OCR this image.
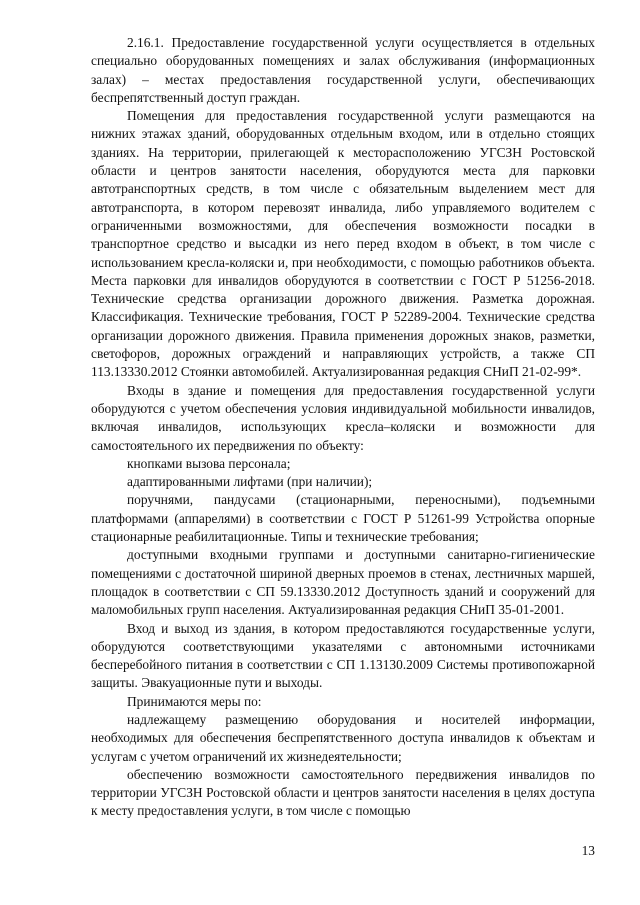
2.16.1. Предоставление государственной услуги осуществляется в отдельных специально оборудованных помещениях и залах обслуживания (информационных залах) – местах предоставления государственной услуги, обеспечивающих беспрепятственный доступ граждан.

Помещения для предоставления государственной услуги размещаются на нижних этажах зданий, оборудованных отдельным входом, или в отдельно стоящих зданиях. На территории, прилегающей к месторасположению УГСЗН Ростовской области и центров занятости населения, оборудуются места для парковки автотранспортных средств, в том числе с обязательным выделением мест для автотранспорта, в котором перевозят инвалида, либо управляемого водителем с ограниченными возможностями, для обеспечения возможности посадки в транспортное средство и высадки из него перед входом в объект, в том числе с использованием кресла-коляски и, при необходимости, с помощью работников объекта. Места парковки для инвалидов оборудуются в соответствии с ГОСТ Р 51256-2018. Технические средства организации дорожного движения. Разметка дорожная. Классификация. Технические требования, ГОСТ Р 52289-2004. Технические средства организации дорожного движения. Правила применения дорожных знаков, разметки, светофоров, дорожных ограждений и направляющих устройств, а также СП 113.13330.2012 Стоянки автомобилей. Актуализированная редакция СНиП 21-02-99*.

Входы в здание и помещения для предоставления государственной услуги оборудуются с учетом обеспечения условия индивидуальной мобильности инвалидов, включая инвалидов, использующих кресла–коляски и возможности для самостоятельного их передвижения по объекту:

кнопками вызова персонала;

адаптированными лифтами (при наличии);

поручнями, пандусами (стационарными, переносными), подъемными платформами (аппарелями) в соответствии с ГОСТ Р 51261-99 Устройства опорные стационарные реабилитационные. Типы и технические требования;

доступными входными группами и доступными санитарно-гигиенические помещениями с достаточной шириной дверных проемов в стенах, лестничных маршей, площадок в соответствии с СП 59.13330.2012 Доступность зданий и сооружений для маломобильных групп населения. Актуализированная редакция СНиП 35-01-2001.

Вход и выход из здания, в котором предоставляются государственные услуги, оборудуются соответствующими указателями с автономными источниками бесперебойного питания в соответствии с СП 1.13130.2009 Системы противопожарной защиты. Эвакуационные пути и выходы.

Принимаются меры по:

надлежащему размещению оборудования и носителей информации, необходимых для обеспечения беспрепятственного доступа инвалидов к объектам и услугам с учетом ограничений их жизнедеятельности;

обеспечению возможности самостоятельного передвижения инвалидов по территории УГСЗН Ростовской области и центров занятости населения в целях доступа к месту предоставления услуги, в том числе с помощью

13
